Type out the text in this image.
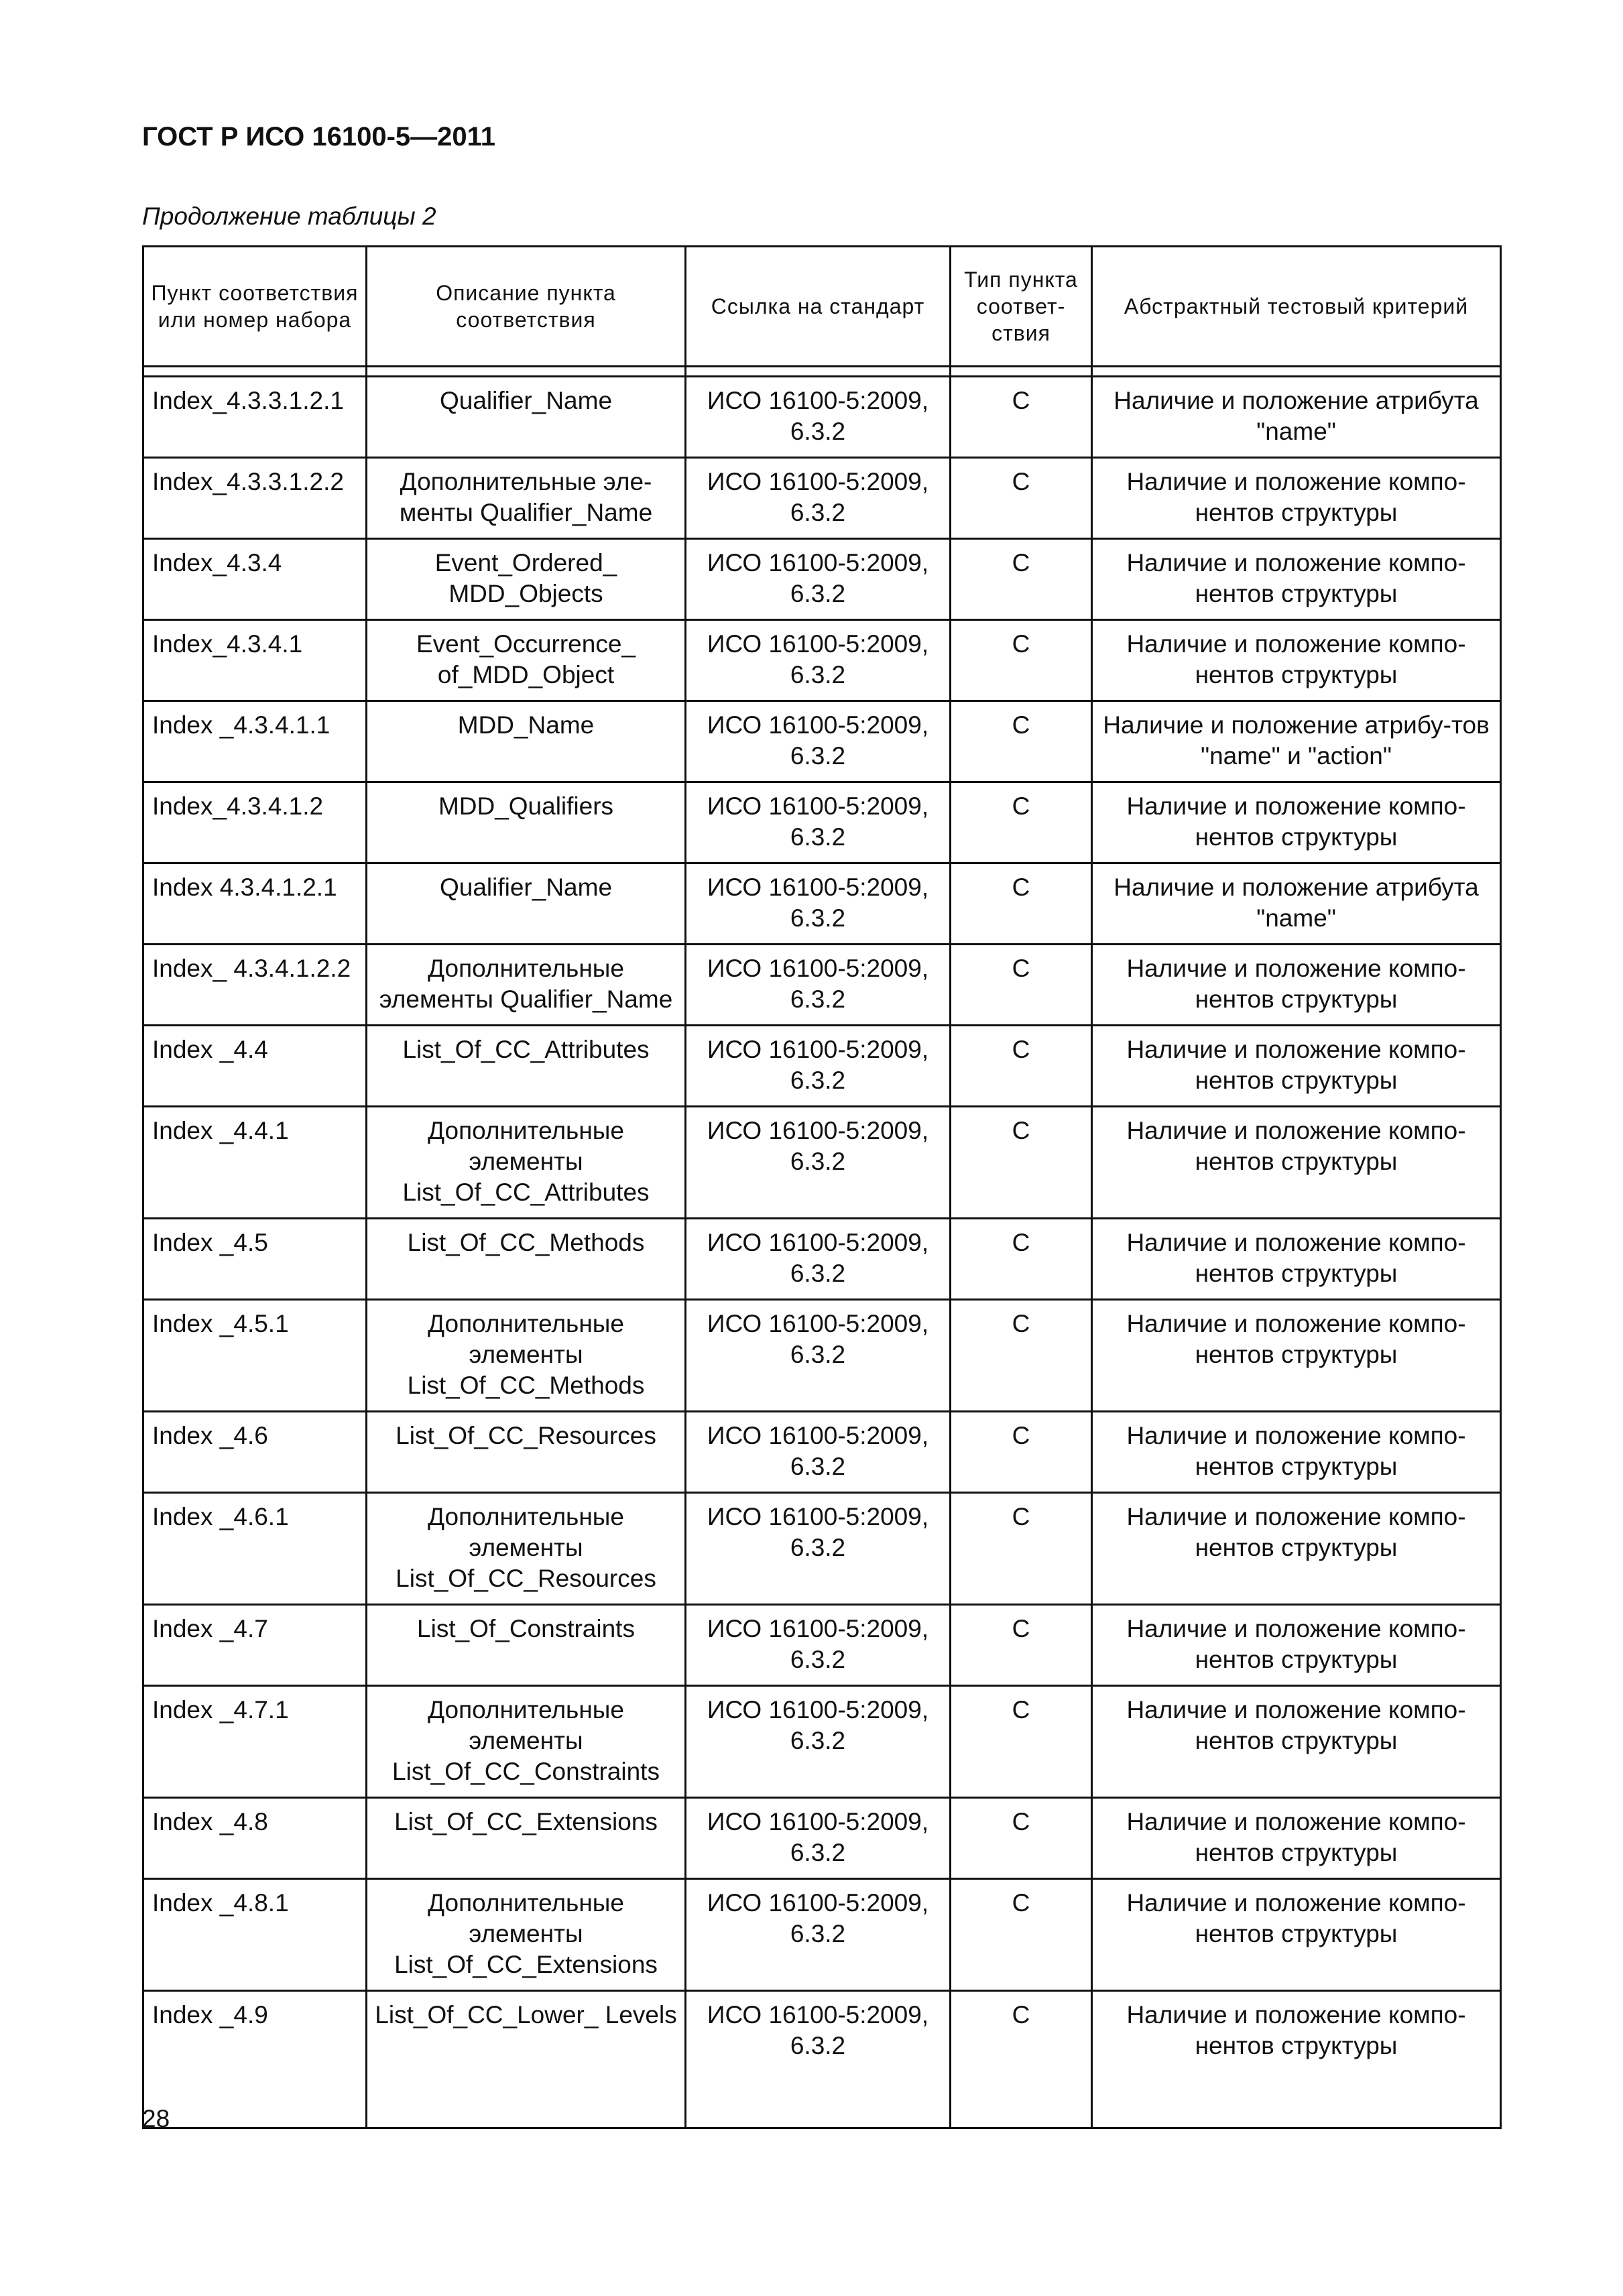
ГОСТ Р ИСО 16100-5—2011
Продолжение таблицы 2
Пункт соответствия или номер набора	Описание пункта соответствия	Ссылка на стандарт	Тип пункта соответ-ствия	Абстрактный тестовый критерий

Index_4.3.3.1.2.1	Qualifier_Name	ИСО 16100-5:2009, 6.3.2	C	Наличие и положение атрибута "name"
Index_4.3.3.1.2.2	Дополнительные эле-менты Qualifier_Name	ИСО 16100-5:2009, 6.3.2	C	Наличие и положение компо-нентов структуры
Index_4.3.4	Event_Ordered_ MDD_Objects	ИСО 16100-5:2009, 6.3.2	C	Наличие и положение компо-нентов структуры
Index_4.3.4.1	Event_Occurrence_ of_MDD_Object	ИСО 16100-5:2009, 6.3.2	C	Наличие и положение компо-нентов структуры
Index _4.3.4.1.1	MDD_Name	ИСО 16100-5:2009, 6.3.2	C	Наличие и положение атрибу-тов "name" и "action"
Index_4.3.4.1.2	MDD_Qualifiers	ИСО 16100-5:2009, 6.3.2	C	Наличие и положение компо-нентов структуры
Index 4.3.4.1.2.1	Qualifier_Name	ИСО 16100-5:2009, 6.3.2	C	Наличие и положение атрибута "name"
Index_ 4.3.4.1.2.2	Дополнительные элементы Qualifier_Name	ИСО 16100-5:2009, 6.3.2	C	Наличие и положение компо-нентов структуры
Index _4.4	List_Of_CC_Attributes	ИСО 16100-5:2009, 6.3.2	C	Наличие и положение компо-нентов структуры
Index _4.4.1	Дополнительные элементы List_Of_CC_Attributes	ИСО 16100-5:2009, 6.3.2	C	Наличие и положение компо-нентов структуры
Index _4.5	List_Of_CC_Methods	ИСО 16100-5:2009, 6.3.2	C	Наличие и положение компо-нентов структуры
Index _4.5.1	Дополнительные элементы List_Of_CC_Methods	ИСО 16100-5:2009, 6.3.2	C	Наличие и положение компо-нентов структуры
Index _4.6	List_Of_CC_Resources	ИСО 16100-5:2009, 6.3.2	C	Наличие и положение компо-нентов структуры
Index _4.6.1	Дополнительные элементы List_Of_CC_Resources	ИСО 16100-5:2009, 6.3.2	C	Наличие и положение компо-нентов структуры
Index _4.7	List_Of_Constraints	ИСО 16100-5:2009, 6.3.2	C	Наличие и положение компо-нентов структуры
Index _4.7.1	Дополнительные элементы List_Of_CC_Constraints	ИСО 16100-5:2009, 6.3.2	C	Наличие и положение компо-нентов структуры
Index _4.8	List_Of_CC_Extensions	ИСО 16100-5:2009, 6.3.2	C	Наличие и положение компо-нентов структуры
Index _4.8.1	Дополнительные элементы List_Of_CC_Extensions	ИСО 16100-5:2009, 6.3.2	C	Наличие и положение компо-нентов структуры
Index _4.9	List_Of_CC_Lower_ Levels	ИСО 16100-5:2009, 6.3.2	C	Наличие и положение компо-нентов структуры
28
